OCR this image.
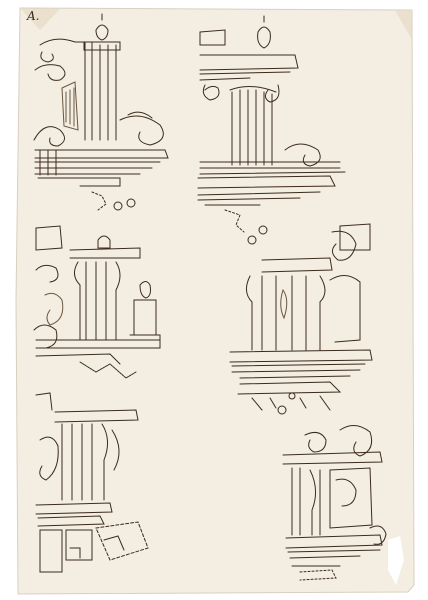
A.
